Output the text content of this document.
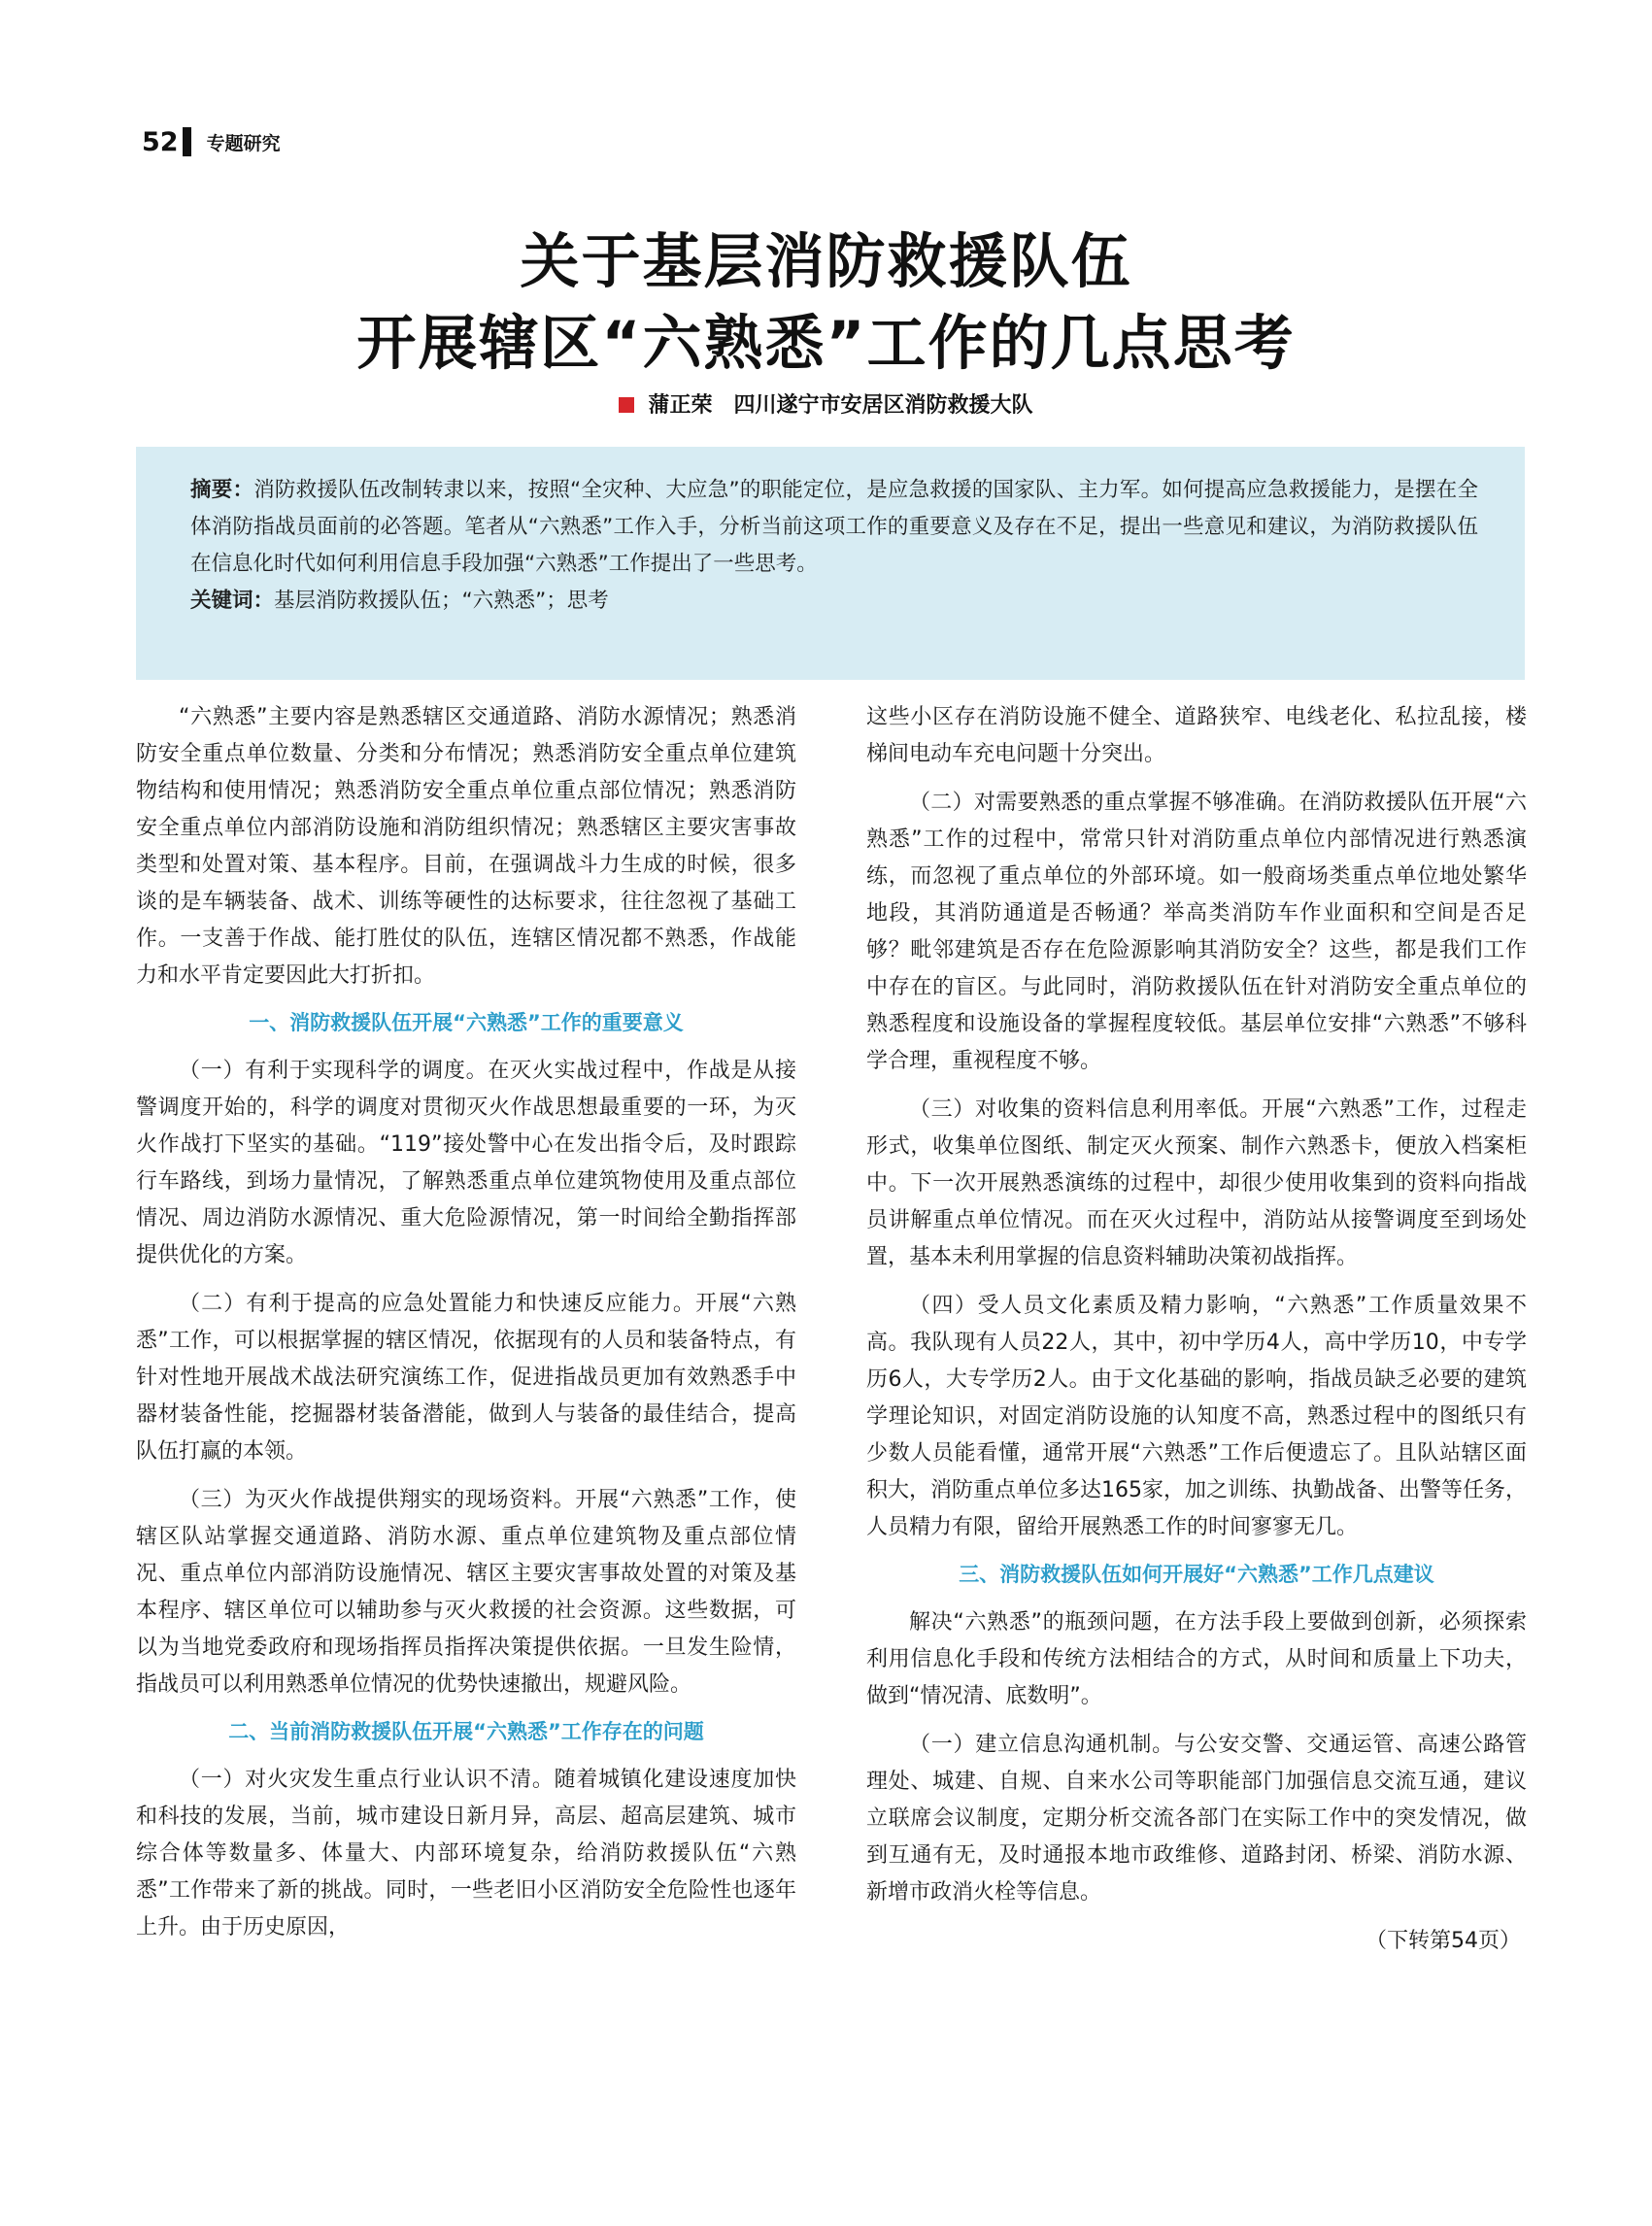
52 专题研究
关于基层消防救援队伍
开展辖区“六熟悉”工作的几点思考
蒲正荣 四川遂宁市安居区消防救援大队

摘要：消防救援队伍改制转隶以来，按照“全灾种、大应急”的职能定位，是应急救援的国家队、主力军。如何提高应急救援能力，是摆在全体消防指战员面前的必答题。笔者从“六熟悉”工作入手，分析当前这项工作的重要意义及存在不足，提出一些意见和建议，为消防救援队伍在信息化时代如何利用信息手段加强“六熟悉”工作提出了一些思考。

关键词：基层消防救援队伍；“六熟悉”；思考

“六熟悉”主要内容是熟悉辖区交通道路、消防水源情况；熟悉消防安全重点单位数量、分类和分布情况；熟悉消防安全重点单位建筑物结构和使用情况；熟悉消防安全重点单位重点部位情况；熟悉消防安全重点单位内部消防设施和消防组织情况；熟悉辖区主要灾害事故类型和处置对策、基本程序。目前，在强调战斗力生成的时候，很多谈的是车辆装备、战术、训练等硬性的达标要求，往往忽视了基础工作。一支善于作战、能打胜仗的队伍，连辖区情况都不熟悉，作战能力和水平肯定要因此大打折扣。

一、消防救援队伍开展“六熟悉”工作的重要意义

（一）有利于实现科学的调度。在灭火实战过程中，作战是从接警调度开始的，科学的调度对贯彻灭火作战思想最重要的一环，为灭火作战打下坚实的基础。“119”接处警中心在发出指令后，及时跟踪行车路线，到场力量情况，了解熟悉重点单位建筑物使用及重点部位情况、周边消防水源情况、重大危险源情况，第一时间给全勤指挥部提供优化的方案。

（二）有利于提高的应急处置能力和快速反应能力。开展“六熟悉”工作，可以根据掌握的辖区情况，依据现有的人员和装备特点，有针对性地开展战术战法研究演练工作，促进指战员更加有效熟悉手中器材装备性能，挖掘器材装备潜能，做到人与装备的最佳结合，提高队伍打赢的本领。

（三）为灭火作战提供翔实的现场资料。开展“六熟悉”工作，使辖区队站掌握交通道路、消防水源、重点单位建筑物及重点部位情况、重点单位内部消防设施情况、辖区主要灾害事故处置的对策及基本程序、辖区单位可以辅助参与灭火救援的社会资源。这些数据，可以为当地党委政府和现场指挥员指挥决策提供依据。一旦发生险情，指战员可以利用熟悉单位情况的优势快速撤出，规避风险。

二、当前消防救援队伍开展“六熟悉”工作存在的问题

（一）对火灾发生重点行业认识不清。随着城镇化建设速度加快和科技的发展，当前，城市建设日新月异，高层、超高层建筑、城市综合体等数量多、体量大、内部环境复杂，给消防救援队伍“六熟悉”工作带来了新的挑战。同时，一些老旧小区消防安全危险性也逐年上升。由于历史原因，

这些小区存在消防设施不健全、道路狭窄、电线老化、私拉乱接，楼梯间电动车充电问题十分突出。

（二）对需要熟悉的重点掌握不够准确。在消防救援队伍开展“六熟悉”工作的过程中，常常只针对消防重点单位内部情况进行熟悉演练，而忽视了重点单位的外部环境。如一般商场类重点单位地处繁华地段，其消防通道是否畅通？举高类消防车作业面积和空间是否足够？毗邻建筑是否存在危险源影响其消防安全？这些，都是我们工作中存在的盲区。与此同时，消防救援队伍在针对消防安全重点单位的熟悉程度和设施设备的掌握程度较低。基层单位安排“六熟悉”不够科学合理，重视程度不够。

（三）对收集的资料信息利用率低。开展“六熟悉”工作，过程走形式，收集单位图纸、制定灭火预案、制作六熟悉卡，便放入档案柜中。下一次开展熟悉演练的过程中，却很少使用收集到的资料向指战员讲解重点单位情况。而在灭火过程中，消防站从接警调度至到场处置，基本未利用掌握的信息资料辅助决策初战指挥。

（四）受人员文化素质及精力影响，“六熟悉”工作质量效果不高。我队现有人员22人，其中，初中学历4人，高中学历10，中专学历6人，大专学历2人。由于文化基础的影响，指战员缺乏必要的建筑学理论知识，对固定消防设施的认知度不高，熟悉过程中的图纸只有少数人员能看懂，通常开展“六熟悉”工作后便遗忘了。且队站辖区面积大，消防重点单位多达165家，加之训练、执勤战备、出警等任务，人员精力有限，留给开展熟悉工作的时间寥寥无几。

三、消防救援队伍如何开展好“六熟悉”工作几点建议

解决“六熟悉”的瓶颈问题，在方法手段上要做到创新，必须探索利用信息化手段和传统方法相结合的方式，从时间和质量上下功夫，做到“情况清、底数明”。

（一）建立信息沟通机制。与公安交警、交通运管、高速公路管理处、城建、自规、自来水公司等职能部门加强信息交流互通，建议立联席会议制度，定期分析交流各部门在实际工作中的突发情况，做到互通有无，及时通报本地市政维修、道路封闭、桥梁、消防水源、新增市政消火栓等信息。

（下转第54页）
